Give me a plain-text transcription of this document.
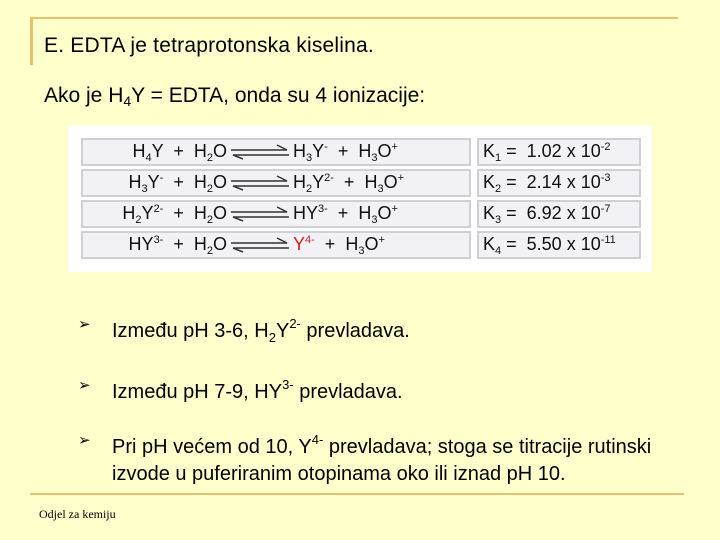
E. EDTA je tetraprotonska kiselina.
Ako je $H_4Y$ = EDTA, onda su 4 ionizacije:
$H_4Y + H_2O$ ⇌ $H_3Y^- + H_3O^+$		$K_1 = 1.02$ x $10^{-2}$
$H_3Y^- + H_2O$ ⇌ $H_2Y^{2-} + H_3O^+$		$K_2 = 2.14$ x $10^{-3}$
$H_2Y^{2-} + H_2O$ ⇌ $HY^{3-} + H_3O^+$		$K_3 = 6.92$ x $10^{-7}$
$HY^{3-} + H_2O$ ⇌ $Y^{4-} + H_3O^+$		$K_4 = 5.50$ x $10^{-11}$
➢ Između pH 3-6, $H_2Y^{2-}$ prevladava.
➢ Između pH 7-9, $HY^{3-}$ prevladava.
➢ Pri pH većem od 10, $Y^{4-}$ prevladava; stoga se titracije rutinski izvode u puferiranim otopinama oko ili iznad pH 10.
Odjel za kemiju
